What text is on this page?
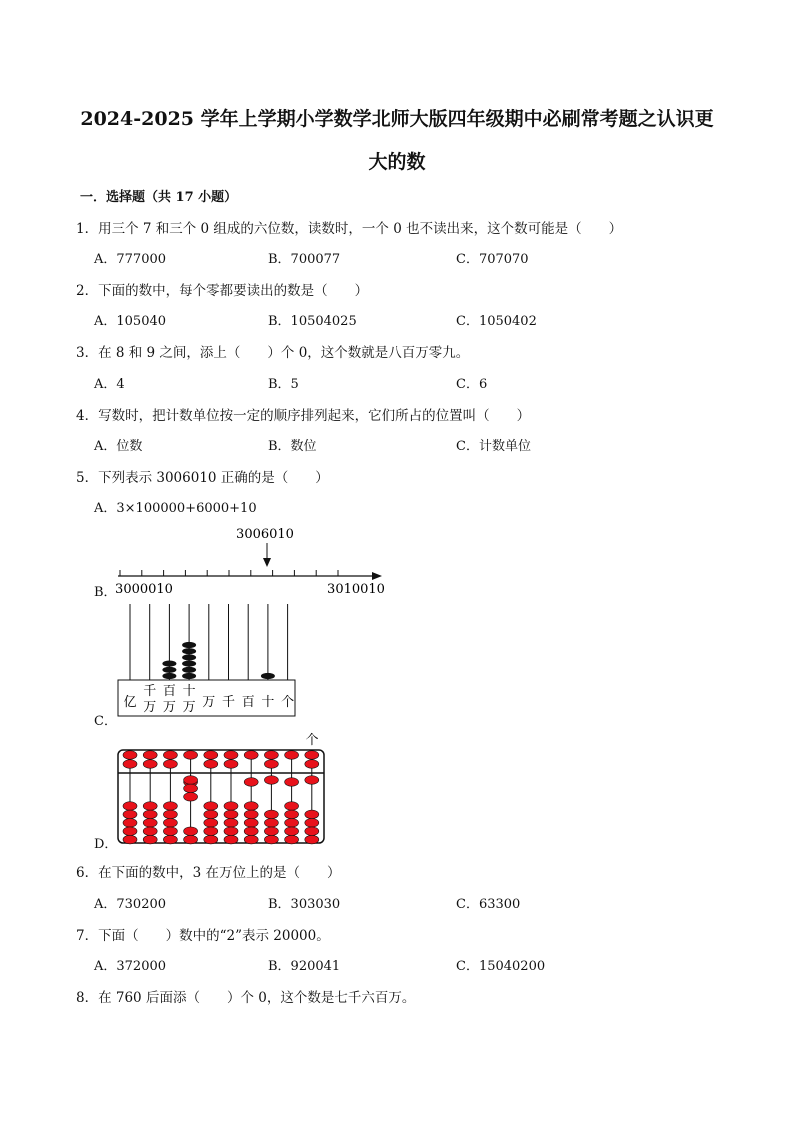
2024-2025 学年上学期小学数学北师大版四年级期中必刷常考题之认识更
大的数
一．选择题（共 17 小题）
1．用三个 7 和三个 0 组成的六位数，读数时，一个 0 也不读出来，这个数可能是（　　）
A．777000	B．700077	C．707070
2．下面的数中，每个零都要读出的数是（　　）
A．105040	B．10504025	C．1050402
3．在 8 和 9 之间，添上（　　）个 0，这个数就是八百万零九。
A．4	B．5	C．6
4．写数时，把计数单位按一定的顺序排列起来，它们所占的位置叫（　　）
A．位数	B．数位	C．计数单位
5．下列表示 3006010 正确的是（　　）
A．3×100000+6000+10
B．
3006010
3000010	3010010
C．
亿
千
万
百
万
十
万 万 千 百 十 个
D．
个
6．在下面的数中，3 在万位上的是（　　）
A．730200	B．303030	C．63300
7．下面（　　）数中的“2”表示 20000。
A．372000	B．920041	C．15040200
8．在 760 后面添（　　）个 0，这个数是七千六百万。
